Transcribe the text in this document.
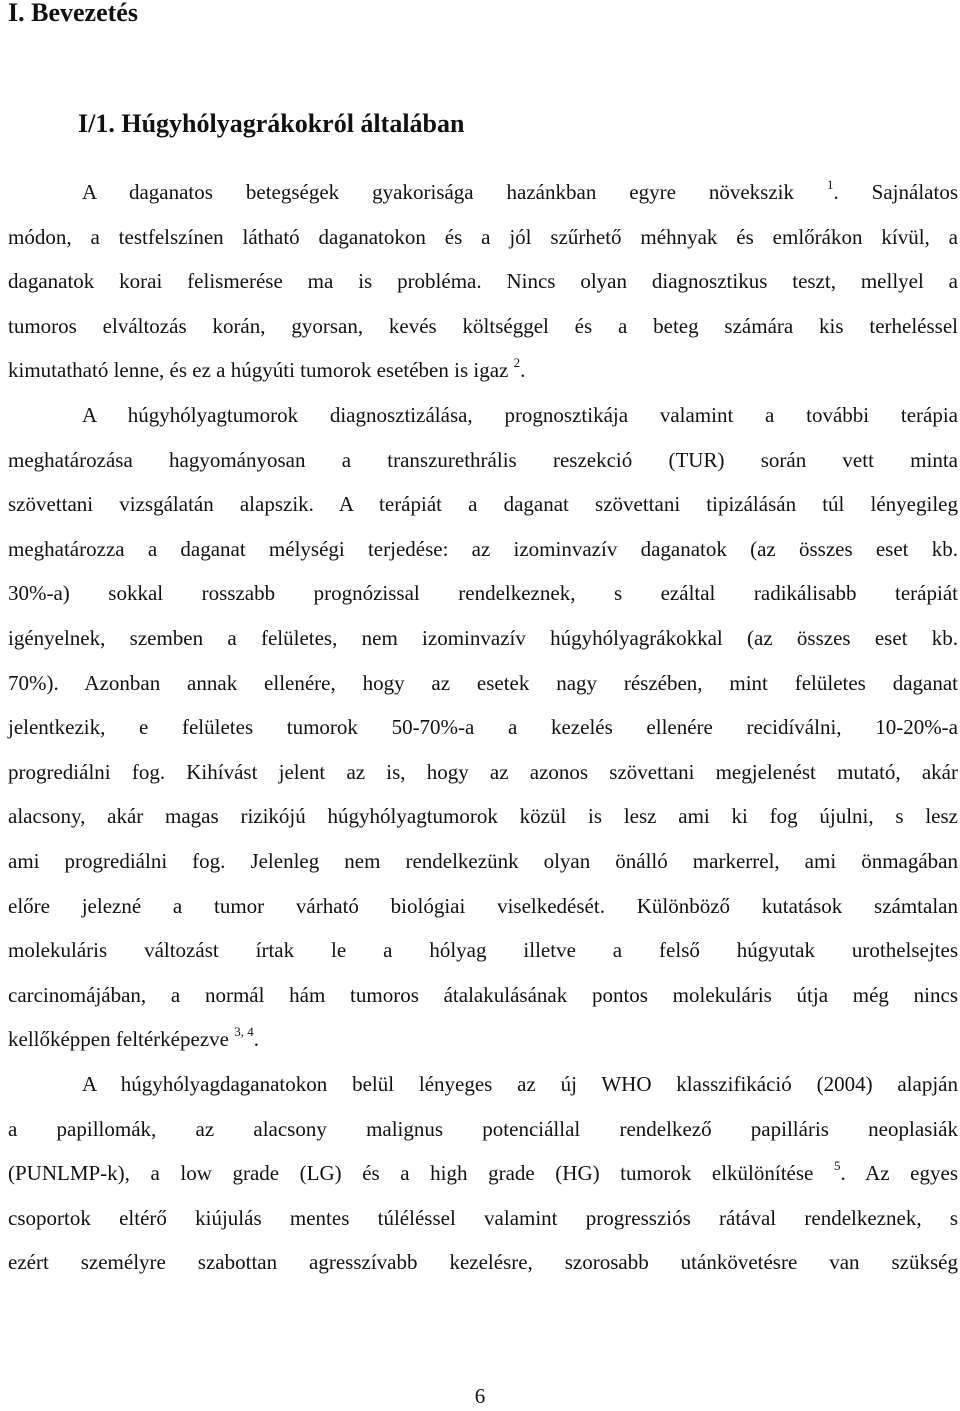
I. Bevezetés
I/1. Húgyhólyagrákokról általában
A daganatos betegségek gyakorisága hazánkban egyre növekszik $^1$. Sajnálatos
módon, a testfelszínen látható daganatokon és a jól szűrhető méhnyak és emlőrákon kívül, a
daganatok korai felismerése ma is probléma. Nincs olyan diagnosztikus teszt, mellyel a
tumoros elváltozás korán, gyorsan, kevés költséggel és a beteg számára kis terheléssel
kimutatható lenne, és ez a húgyúti tumorok esetében is igaz $^2$.
A húgyhólyagtumorok diagnosztizálása, prognosztikája valamint a további terápia
meghatározása hagyományosan a transzurethrális reszekció (TUR) során vett minta
szövettani vizsgálatán alapszik. A terápiát a daganat szövettani tipizálásán túl lényegileg
meghatározza a daganat mélységi terjedése: az izominvazív daganatok (az összes eset kb.
30%-a) sokkal rosszabb prognózissal rendelkeznek, s ezáltal radikálisabb terápiát
igényelnek, szemben a felületes, nem izominvazív húgyhólyagrákokkal (az összes eset kb.
70%). Azonban annak ellenére, hogy az esetek nagy részében, mint felületes daganat
jelentkezik, e felületes tumorok 50-70%-a a kezelés ellenére recidíválni, 10-20%-a
progrediálni fog. Kihívást jelent az is, hogy az azonos szövettani megjelenést mutató, akár
alacsony, akár magas rizikójú húgyhólyagtumorok közül is lesz ami ki fog újulni, s lesz
ami progrediálni fog. Jelenleg nem rendelkezünk olyan önálló markerrel, ami önmagában
előre jelezné a tumor várható biológiai viselkedését. Különböző kutatások számtalan
molekuláris változást írtak le a hólyag illetve a felső húgyutak urothelsejtes
carcinomájában, a normál hám tumoros átalakulásának pontos molekuláris útja még nincs
kellőképpen feltérképezve $^{3, 4}$.
A húgyhólyagdaganatokon belül lényeges az új WHO klasszifikáció (2004) alapján
a papillomák, az alacsony malignus potenciállal rendelkező papilláris neoplasiák
(PUNLMP-k), a low grade (LG) és a high grade (HG) tumorok elkülönítése $^5$. Az egyes
csoportok eltérő kiújulás mentes túléléssel valamint progressziós rátával rendelkeznek, s
ezért személyre szabottan agresszívabb kezelésre, szorosabb utánkövetésre van szükség
6
